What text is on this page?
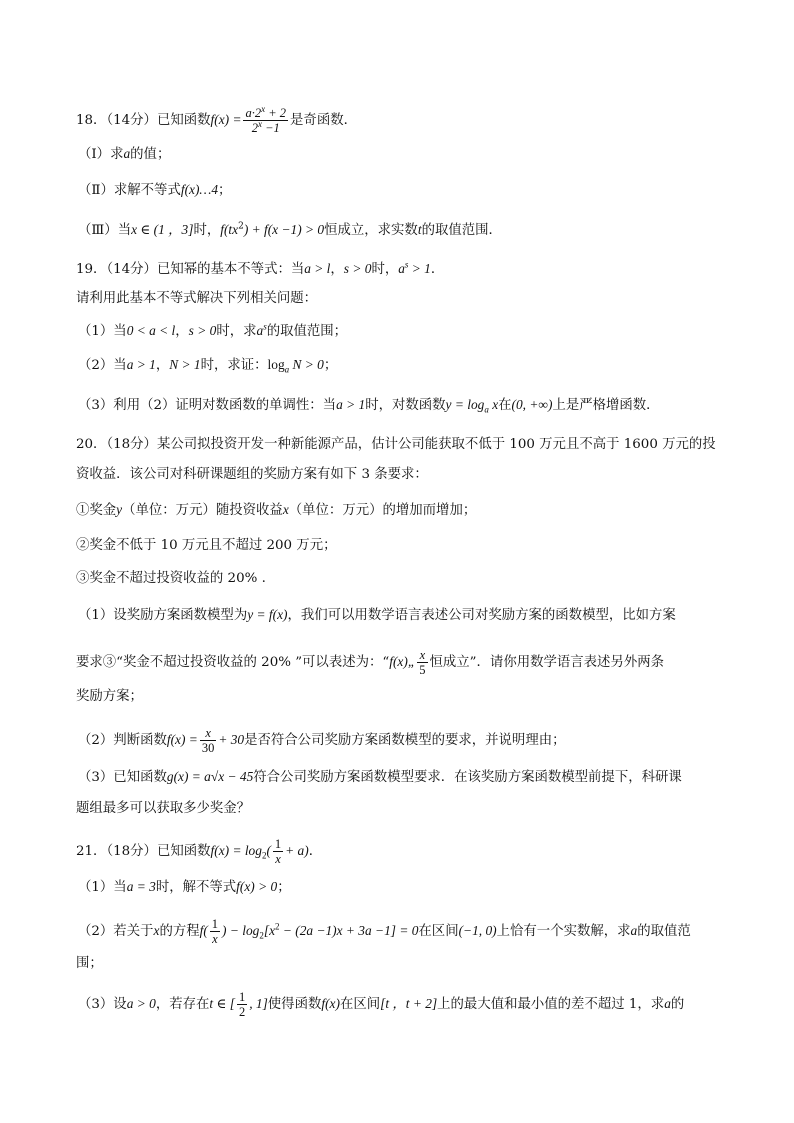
18．（14分）已知函数$f(x) = \frac{a\cdot 2^x + 2}{2^x -1}$ 是奇函数．
（Ⅰ）求a的值；
（Ⅱ）求解不等式f(x)…4；
（Ⅲ）当x ∈ (1 ，3]时，$f(tx^2) + f(x -1) > 0$恒成立，求实数t的取值范围．
19．（14分）已知幂的基本不等式：当a > l，s > 0时，$a^s > 1$．
请利用此基本不等式解决下列相关问题：
（1）当0 < a < l，s > 0时，求$a^s$的取值范围；
（2）当a > 1，N > 1时，求证：$\log_a N > 0$；
（3）利用（2）证明对数函数的单调性：当a > 1时，对数函数$y = \log_a x$在(0, +∞)上是严格增函数．
20．（18分）某公司拟投资开发一种新能源产品，估计公司能获取不低于 100 万元且不高于 1600 万元的投
资收益．该公司对科研课题组的奖励方案有如下 3 条要求：
①奖金y（单位：万元）随投资收益x（单位：万元）的增加而增加；
②奖金不低于 10 万元且不超过 200 万元；
③奖金不超过投资收益的 20% .
（1）设奖励方案函数模型为y = f(x)，我们可以用数学语言表述公司对奖励方案的函数模型，比如方案
要求③“奖金不超过投资收益的 20% ”可以表述为：“f(x)„ $\frac{x}{5}$ 恒成立”．请你用数学语言表述另外两条
奖励方案；
（2）判断函数$f(x) = \frac{x}{30} + 30$是否符合公司奖励方案函数模型的要求，并说明理由；
（3）已知函数g(x) = a√x − 45符合公司奖励方案函数模型要求．在该奖励方案函数模型前提下，科研课
题组最多可以获取多少奖金？
21．（18分）已知函数$f(x) = \log_2( \frac{1}{x} + a)$．
（1）当a = 3时，解不等式f(x) > 0；
（2）若关于x的方程$f( \frac{1}{x}$ ) − $\log_2[x^2 - (2a -1)x + 3a -1] = 0$在区间(−1, 0)上恰有一个实数解，求a的取值范
围；
（3）设a > 0，若存在t ∈ [ $\frac{1}{2}$ , 1]使得函数f(x)在区间[t ，t + 2]上的最大值和最小值的差不超过 1，求a的
